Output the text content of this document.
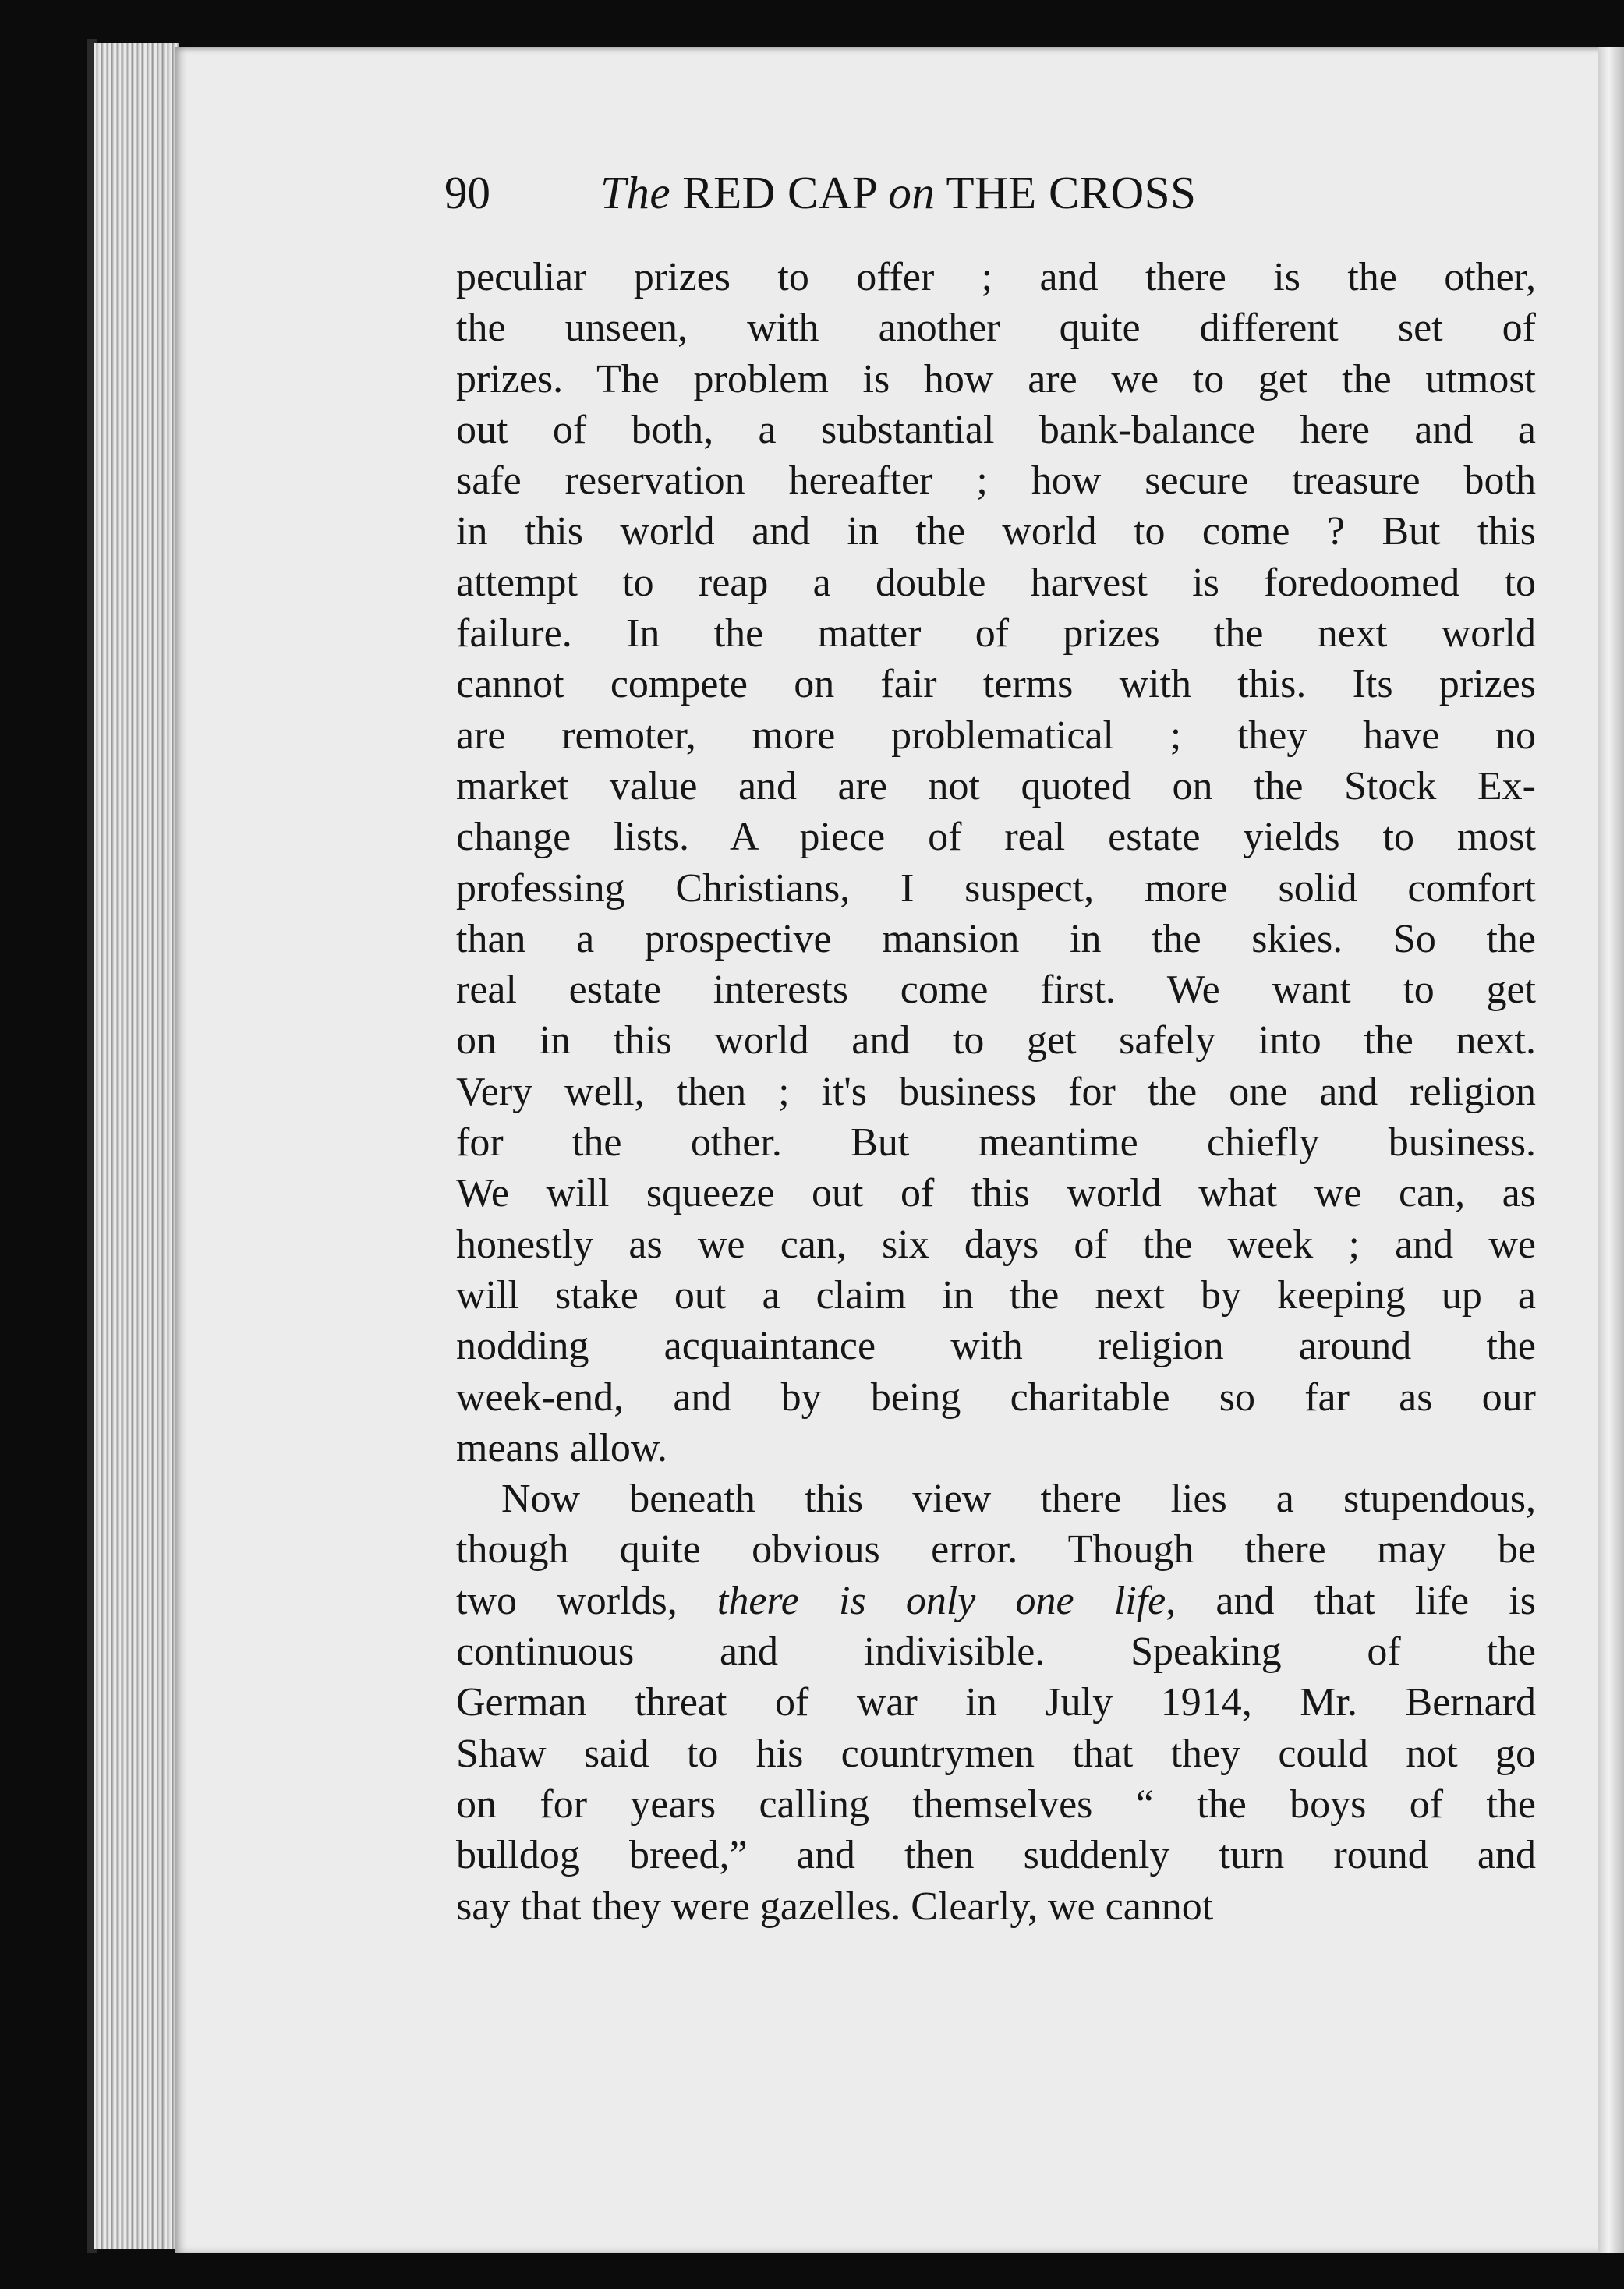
90 The RED CAP on THE CROSS
peculiar prizes to offer ; and there is the other,
the unseen, with another quite different set of
prizes. The problem is how are we to get the utmost
out of both, a substantial bank-balance here and a
safe reservation hereafter ; how secure treasure both
in this world and in the world to come ? But this
attempt to reap a double harvest is foredoomed to
failure. In the matter of prizes the next world
cannot compete on fair terms with this. Its prizes
are remoter, more problematical ; they have no
market value and are not quoted on the Stock Ex-
change lists. A piece of real estate yields to most
professing Christians, I suspect, more solid comfort
than a prospective mansion in the skies. So the
real estate interests come first. We want to get
on in this world and to get safely into the next.
Very well, then ; it's business for the one and religion
for the other. But meantime chiefly business.
We will squeeze out of this world what we can, as
honestly as we can, six days of the week ; and we
will stake out a claim in the next by keeping up a
nodding acquaintance with religion around the
week-end, and by being charitable so far as our
means allow.
Now beneath this view there lies a stupendous,
though quite obvious error. Though there may be
two worlds, there is only one life, and that life is
continuous and indivisible. Speaking of the
German threat of war in July 1914, Mr. Bernard
Shaw said to his countrymen that they could not go
on for years calling themselves “ the boys of the
bulldog breed,” and then suddenly turn round and
say that they were gazelles. Clearly, we cannot
